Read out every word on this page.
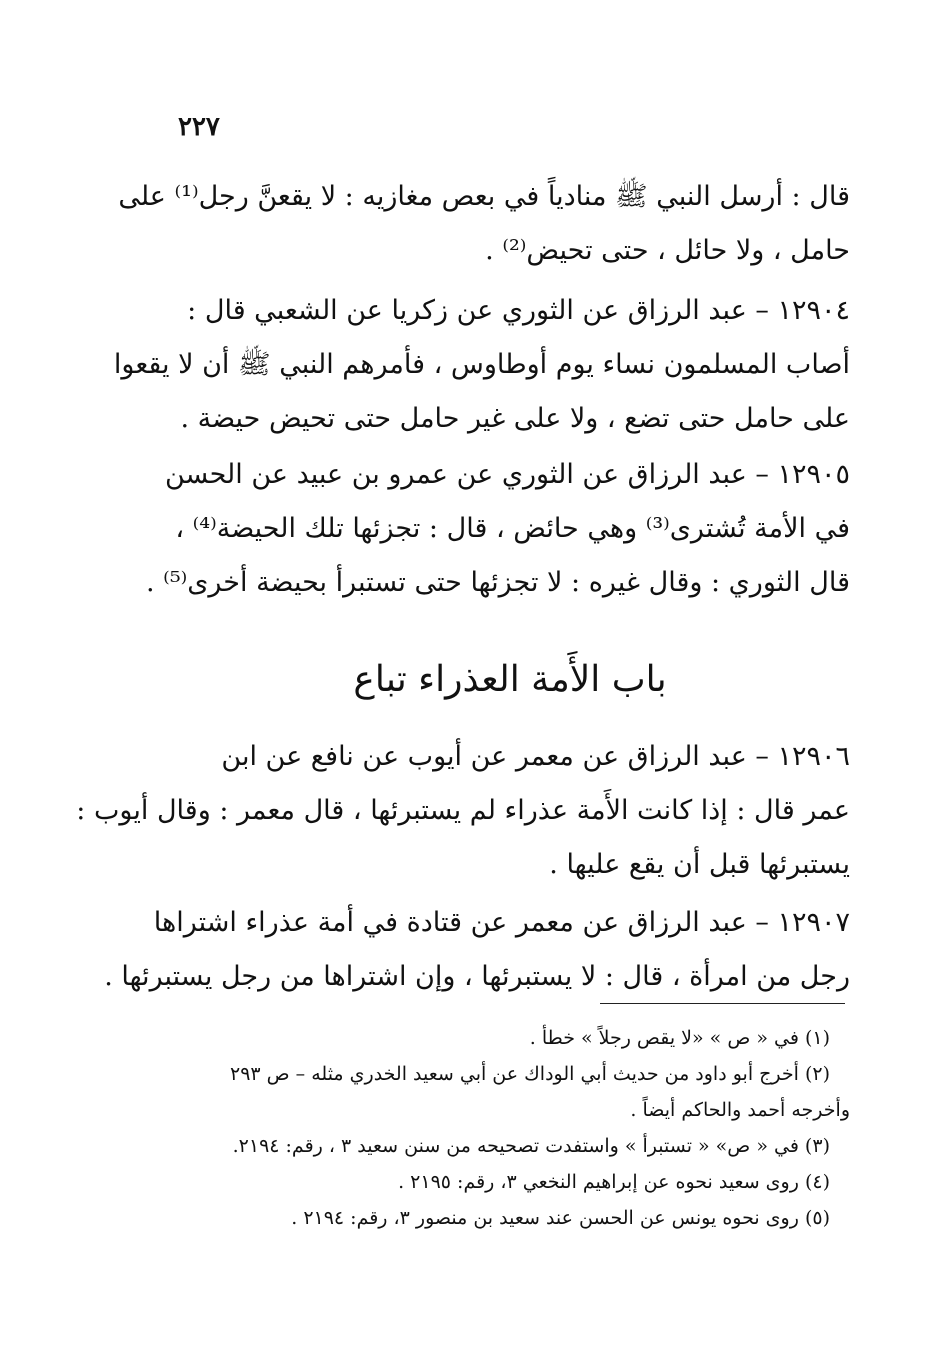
٢٢٧
قال : أرسل النبي ﷺ منادياً في بعص مغازيه : لا يقعنَّ رجل⁽¹⁾ على
حامل ، ولا حائل ، حتى تحيض⁽²⁾ .
١٢٩٠٤ – عبد الرزاق عن الثوري عن زكريا عن الشعبي قال :
أصاب المسلمون نساء يوم أوطاوس ، فأمرهم النبي ﷺ أن لا يقعوا
على حامل حتى تضع ، ولا على غير حامل حتى تحيض حيضة .
١٢٩٠٥ – عبد الرزاق عن الثوري عن عمرو بن عبيد عن الحسن
في الأمة تُشترى⁽³⁾ وهي حائض ، قال : تجزئها تلك الحيضة⁽⁴⁾ ،
قال الثوري : وقال غيره : لا تجزئها حتى تستبرأ بحيضة أخرى⁽⁵⁾ .
باب الأَمة العذراء تباع
١٢٩٠٦ – عبد الرزاق عن معمر عن أيوب عن نافع عن ابن
عمر قال : إذا كانت الأَمة عذراء لم يستبرئها ، قال معمر : وقال أيوب :
يستبرئها قبل أن يقع عليها .
١٢٩٠٧ – عبد الرزاق عن معمر عن قتادة في أمة عذراء اشتراها
رجل من امرأة ، قال : لا يستبرئها ، وإن اشتراها من رجل يستبرئها .
(١) في « ص » «لا يقص رجلاً » خطأ .
(٢) أخرج أبو داود من حديث أبي الوداك عن أبي سعيد الخدري مثله – ص ٢٩٣
وأخرجه أحمد والحاكم أيضاً .
(٣) في « ص» « تستبرأ » واستفدت تصحيحه من سنن سعيد ٣ ، رقم: ٢١٩٤.
(٤) روى سعيد نحوه عن إبراهيم النخعي ٣، رقم: ٢١٩٥ .
(٥) روى نحوه يونس عن الحسن عند سعيد بن منصور ٣، رقم: ٢١٩٤ .
